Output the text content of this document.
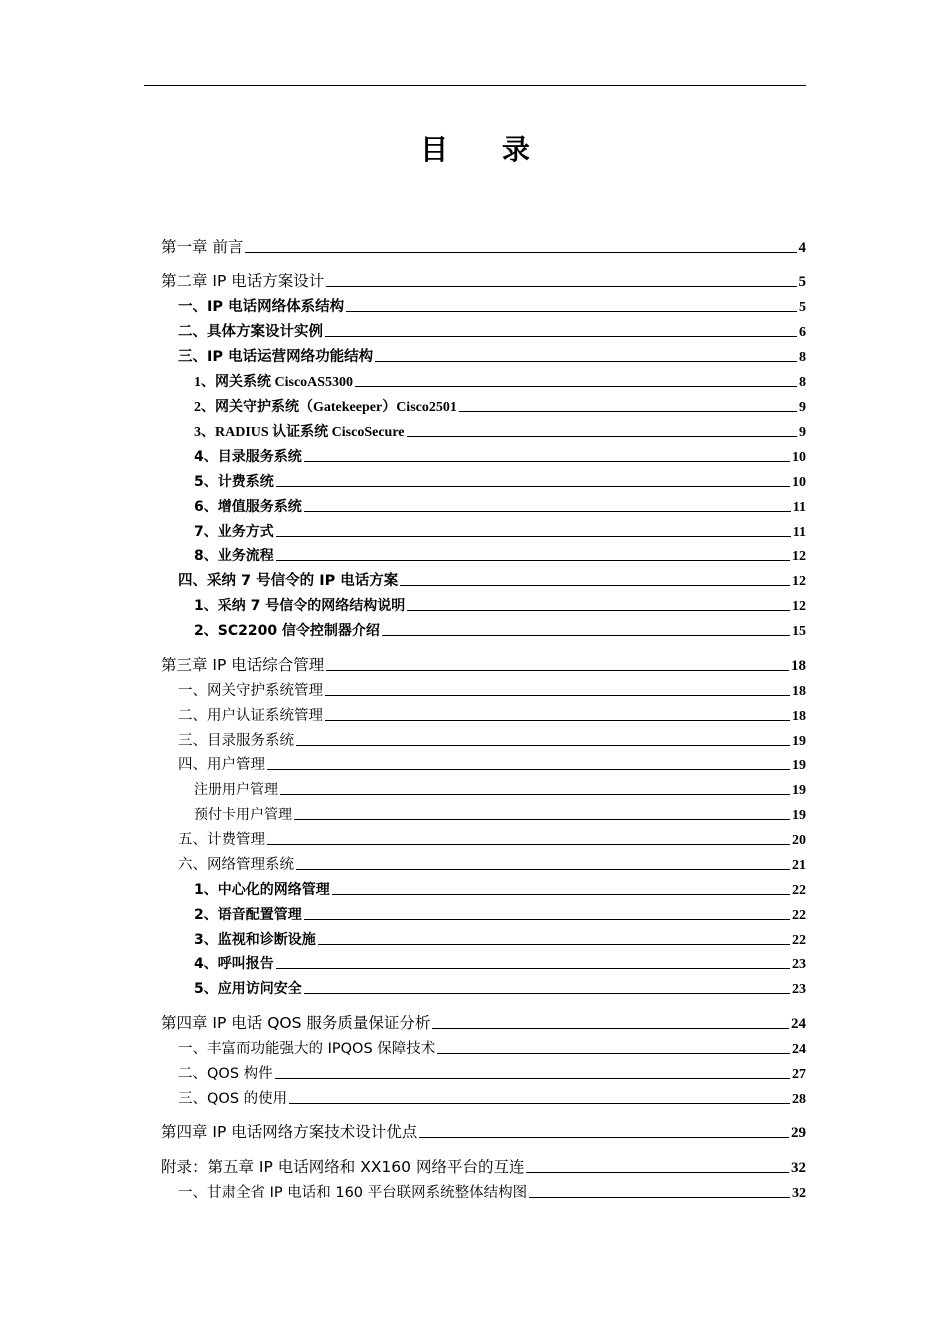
目 录
第一章 前言	4
第二章 IP 电话方案设计	5
一、IP 电话网络体系结构	5
二、具体方案设计实例	6
三、IP 电话运营网络功能结构	8
1、网关系统 CiscoAS5300	8
2、网关守护系统（Gatekeeper）Cisco2501	9
3、RADIUS 认证系统 CiscoSecure	9
4、目录服务系统	10
5、计费系统	10
6、增值服务系统	11
7、业务方式	11
8、业务流程	12
四、采纳 7 号信令的 IP 电话方案	12
1、采纳 7 号信令的网络结构说明	12
2、SC2200 信令控制器介绍	15
第三章 IP 电话综合管理	18
一、网关守护系统管理	18
二、用户认证系统管理	18
三、目录服务系统	19
四、用户管理	19
注册用户管理	19
预付卡用户管理	19
五、计费管理	20
六、网络管理系统	21
1、中心化的网络管理	22
2、语音配置管理	22
3、监视和诊断设施	22
4、呼叫报告	23
5、应用访问安全	23
第四章 IP 电话 QOS 服务质量保证分析	24
一、丰富而功能强大的 IPQOS 保障技术	24
二、QOS 构件	27
三、QOS 的使用	28
第四章 IP 电话网络方案技术设计优点	29
附录：第五章 IP 电话网络和 XX160 网络平台的互连	32
一、甘肃全省 IP 电话和 160 平台联网系统整体结构图	32
